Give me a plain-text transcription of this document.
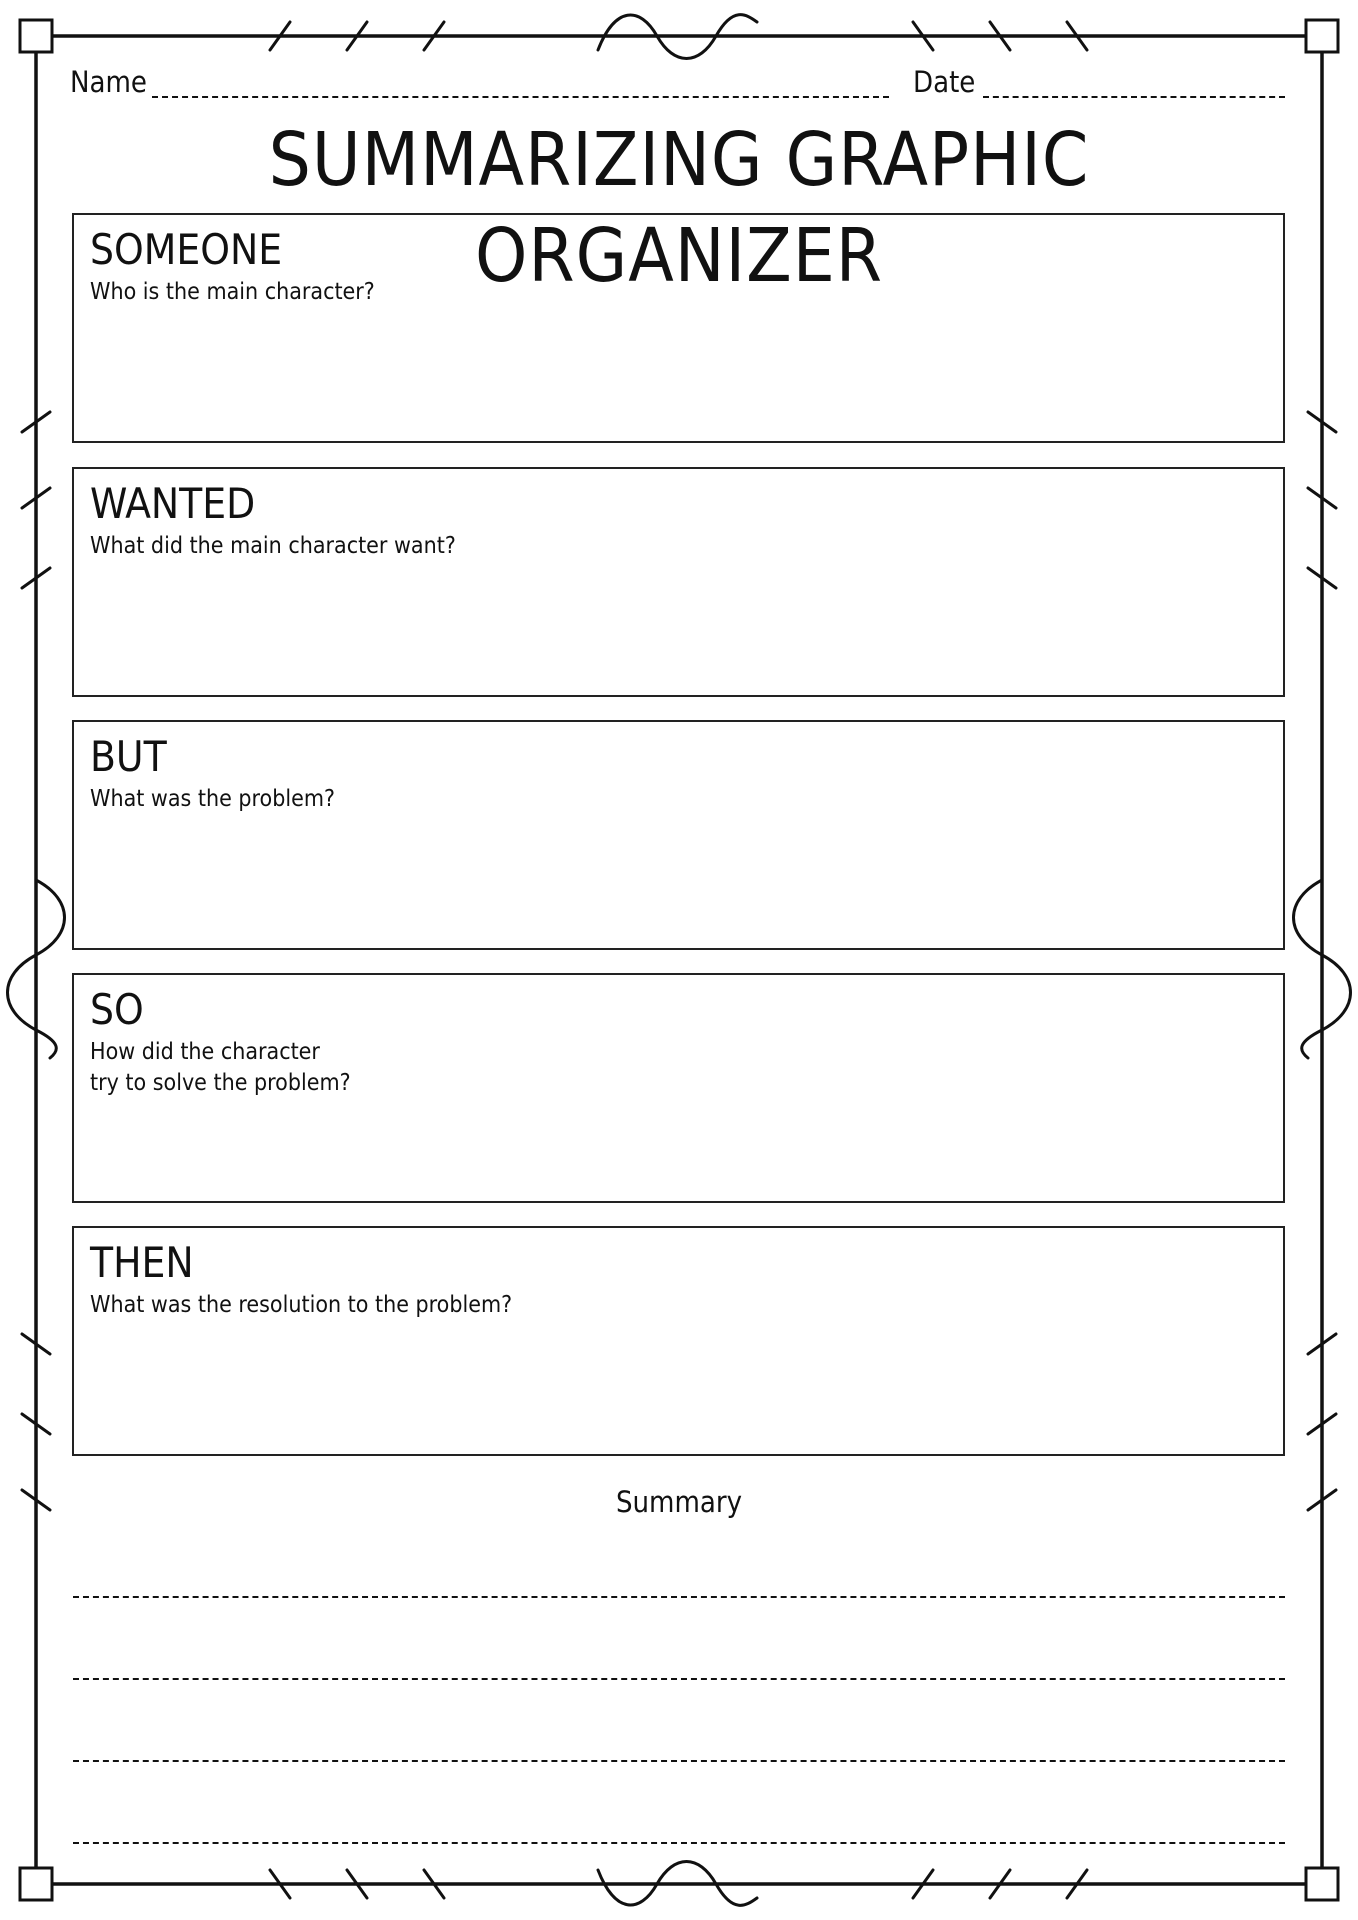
Name	Date
SUMMARIZING GRAPHIC ORGANIZER
SOMEONE
Who is the main character?
WANTED
What did the main character want?
BUT
What was the problem?
SO
How did the character
try to solve the problem?
THEN
What was the resolution to the problem?
Summary
